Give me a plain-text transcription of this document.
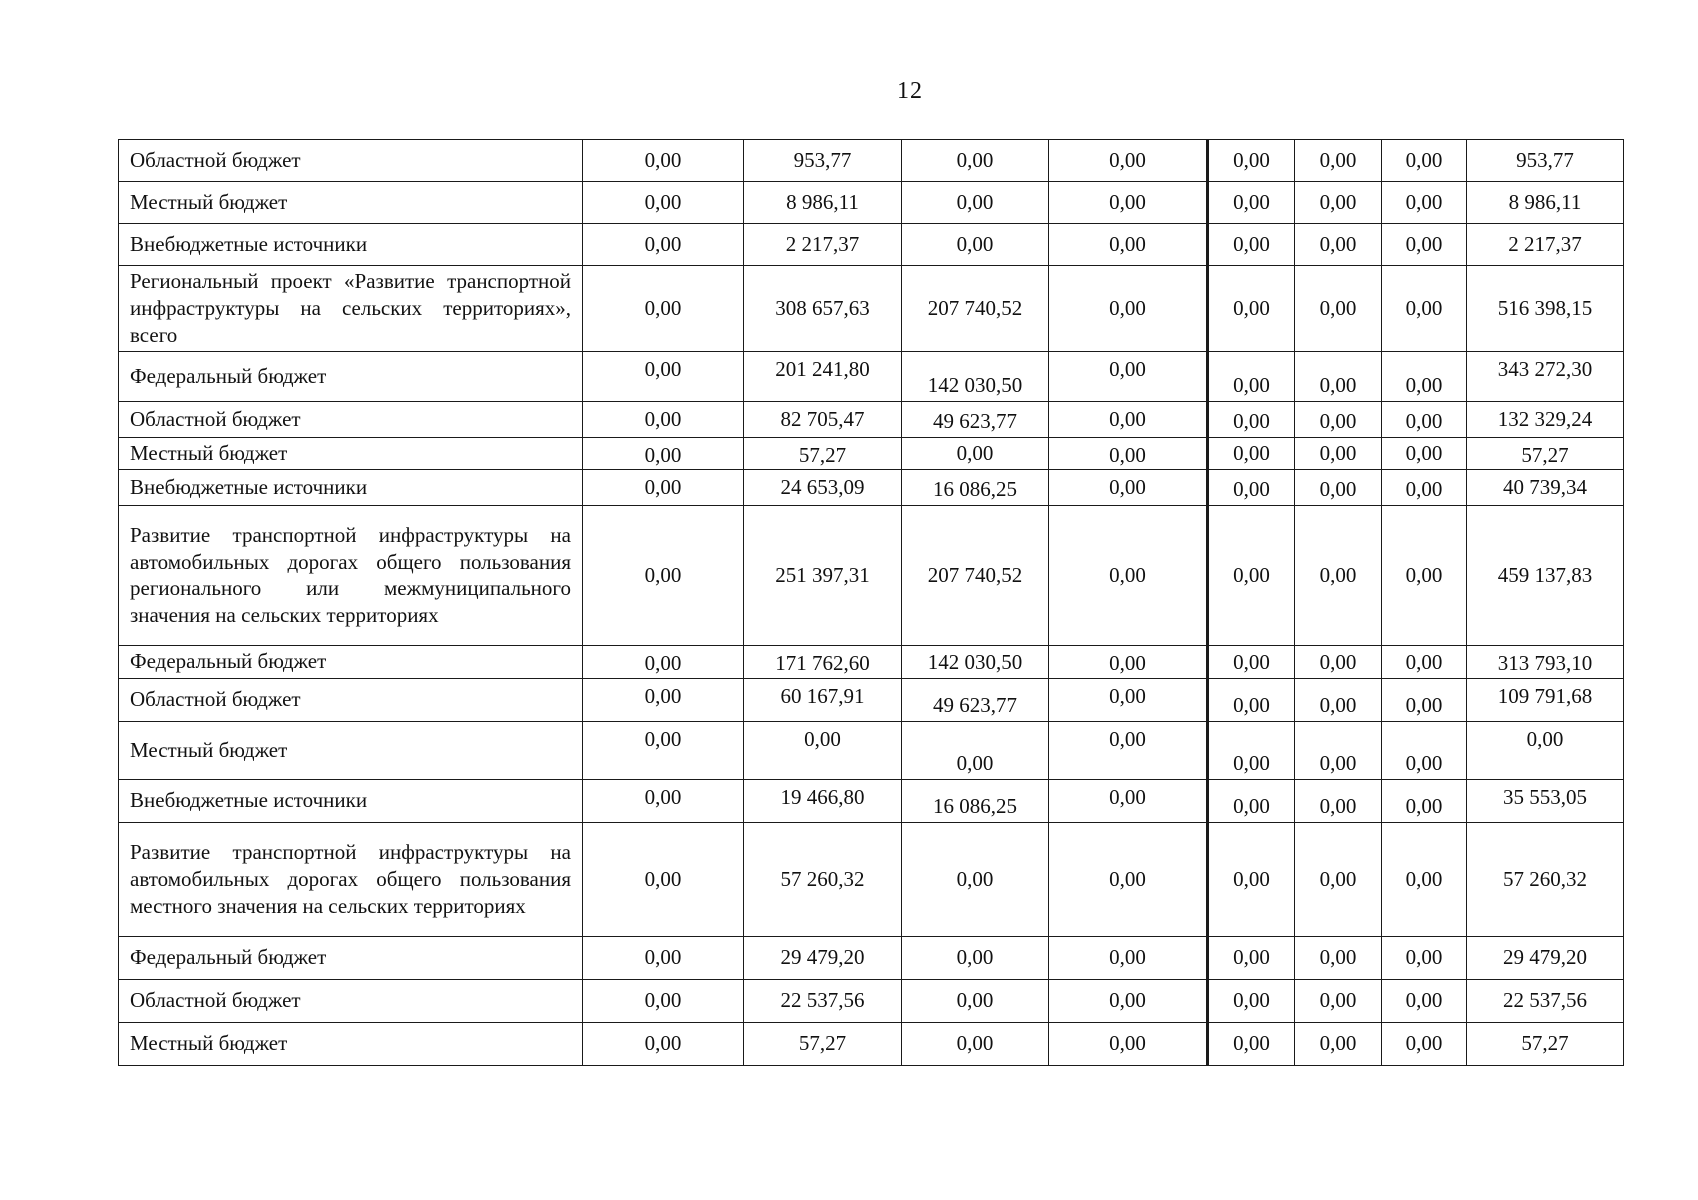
12
Областной бюджет	0,00	953,77	0,00	0,00	0,00	0,00	0,00	953,77
Местный бюджет	0,00	8 986,11	0,00	0,00	0,00	0,00	0,00	8 986,11
Внебюджетные источники	0,00	2 217,37	0,00	0,00	0,00	0,00	0,00	2 217,37
Региональный проект «Развитие транспортной инфраструктуры на сельских территориях», всего	0,00	308 657,63	207 740,52	0,00	0,00	0,00	0,00	516 398,15
Федеральный бюджет	0,00	201 241,80	142 030,50	0,00	0,00	0,00	0,00	343 272,30
Областной бюджет	0,00	82 705,47	49 623,77	0,00	0,00	0,00	0,00	132 329,24
Местный бюджет	0,00	57,27	0,00	0,00	0,00	0,00	0,00	57,27
Внебюджетные источники	0,00	24 653,09	16 086,25	0,00	0,00	0,00	0,00	40 739,34
Развитие транспортной инфраструктуры на автомобильных дорогах общего пользования регионального или межмуниципального значения на сельских территориях	0,00	251 397,31	207 740,52	0,00	0,00	0,00	0,00	459 137,83
Федеральный бюджет	0,00	171 762,60	142 030,50	0,00	0,00	0,00	0,00	313 793,10
Областной бюджет	0,00	60 167,91	49 623,77	0,00	0,00	0,00	0,00	109 791,68
Местный бюджет	0,00	0,00	0,00	0,00	0,00	0,00	0,00	0,00
Внебюджетные источники	0,00	19 466,80	16 086,25	0,00	0,00	0,00	0,00	35 553,05
Развитие транспортной инфраструктуры на автомобильных дорогах общего пользования местного значения на сельских территориях	0,00	57 260,32	0,00	0,00	0,00	0,00	0,00	57 260,32
Федеральный бюджет	0,00	29 479,20	0,00	0,00	0,00	0,00	0,00	29 479,20
Областной бюджет	0,00	22 537,56	0,00	0,00	0,00	0,00	0,00	22 537,56
Местный бюджет	0,00	57,27	0,00	0,00	0,00	0,00	0,00	57,27
